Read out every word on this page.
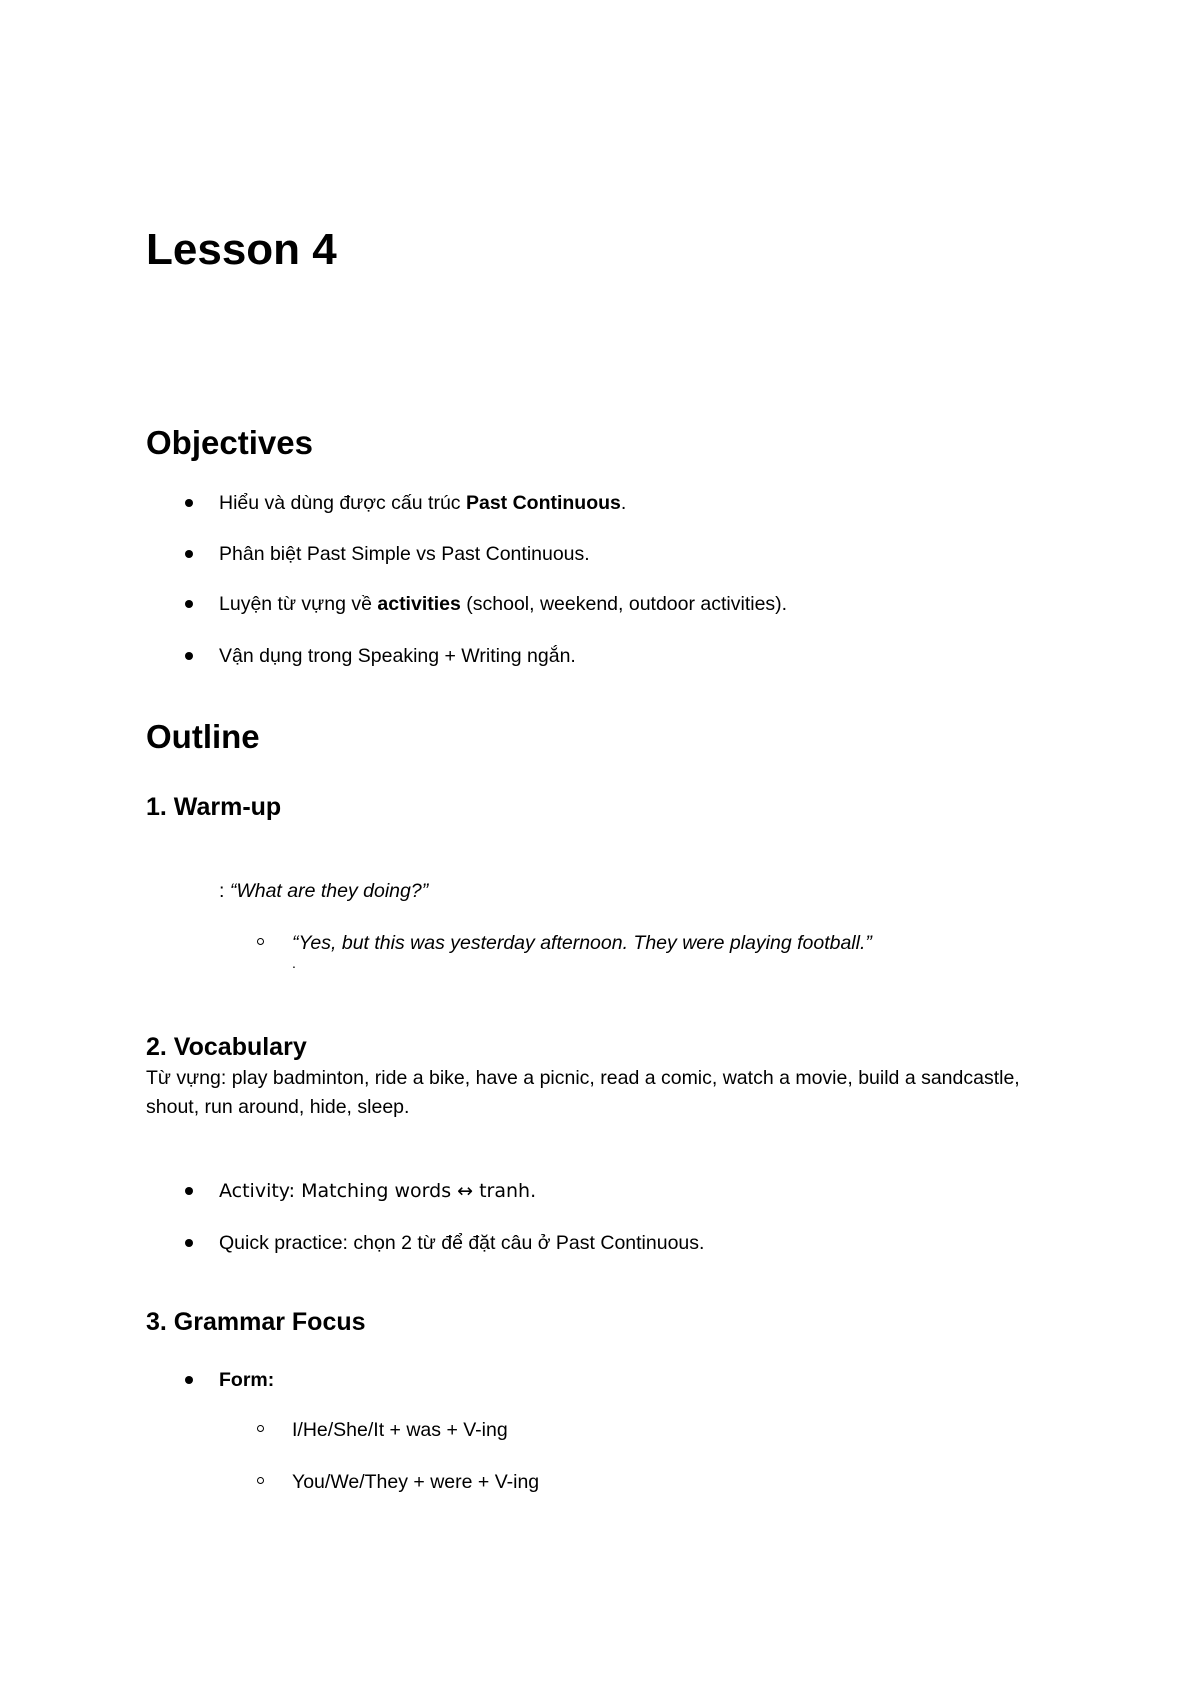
Lesson 4
Objectives
Hiểu và dùng được cấu trúc Past Continuous.
Phân biệt Past Simple vs Past Continuous.
Luyện từ vựng về activities (school, weekend, outdoor activities).
Vận dụng trong Speaking + Writing ngắn.
Outline
1. Warm-up
: “What are they doing?”
“Yes, but this was yesterday afternoon. They were playing football.”
.
2. Vocabulary
Từ vựng: play badminton, ride a bike, have a picnic, read a comic, watch a movie, build a sandcastle, shout, run around, hide, sleep.
Activity: Matching words ↔ tranh.
Quick practice: chọn 2 từ để đặt câu ở Past Continuous.
3. Grammar Focus
Form:
I/He/She/It + was + V-ing
You/We/They + were + V-ing
